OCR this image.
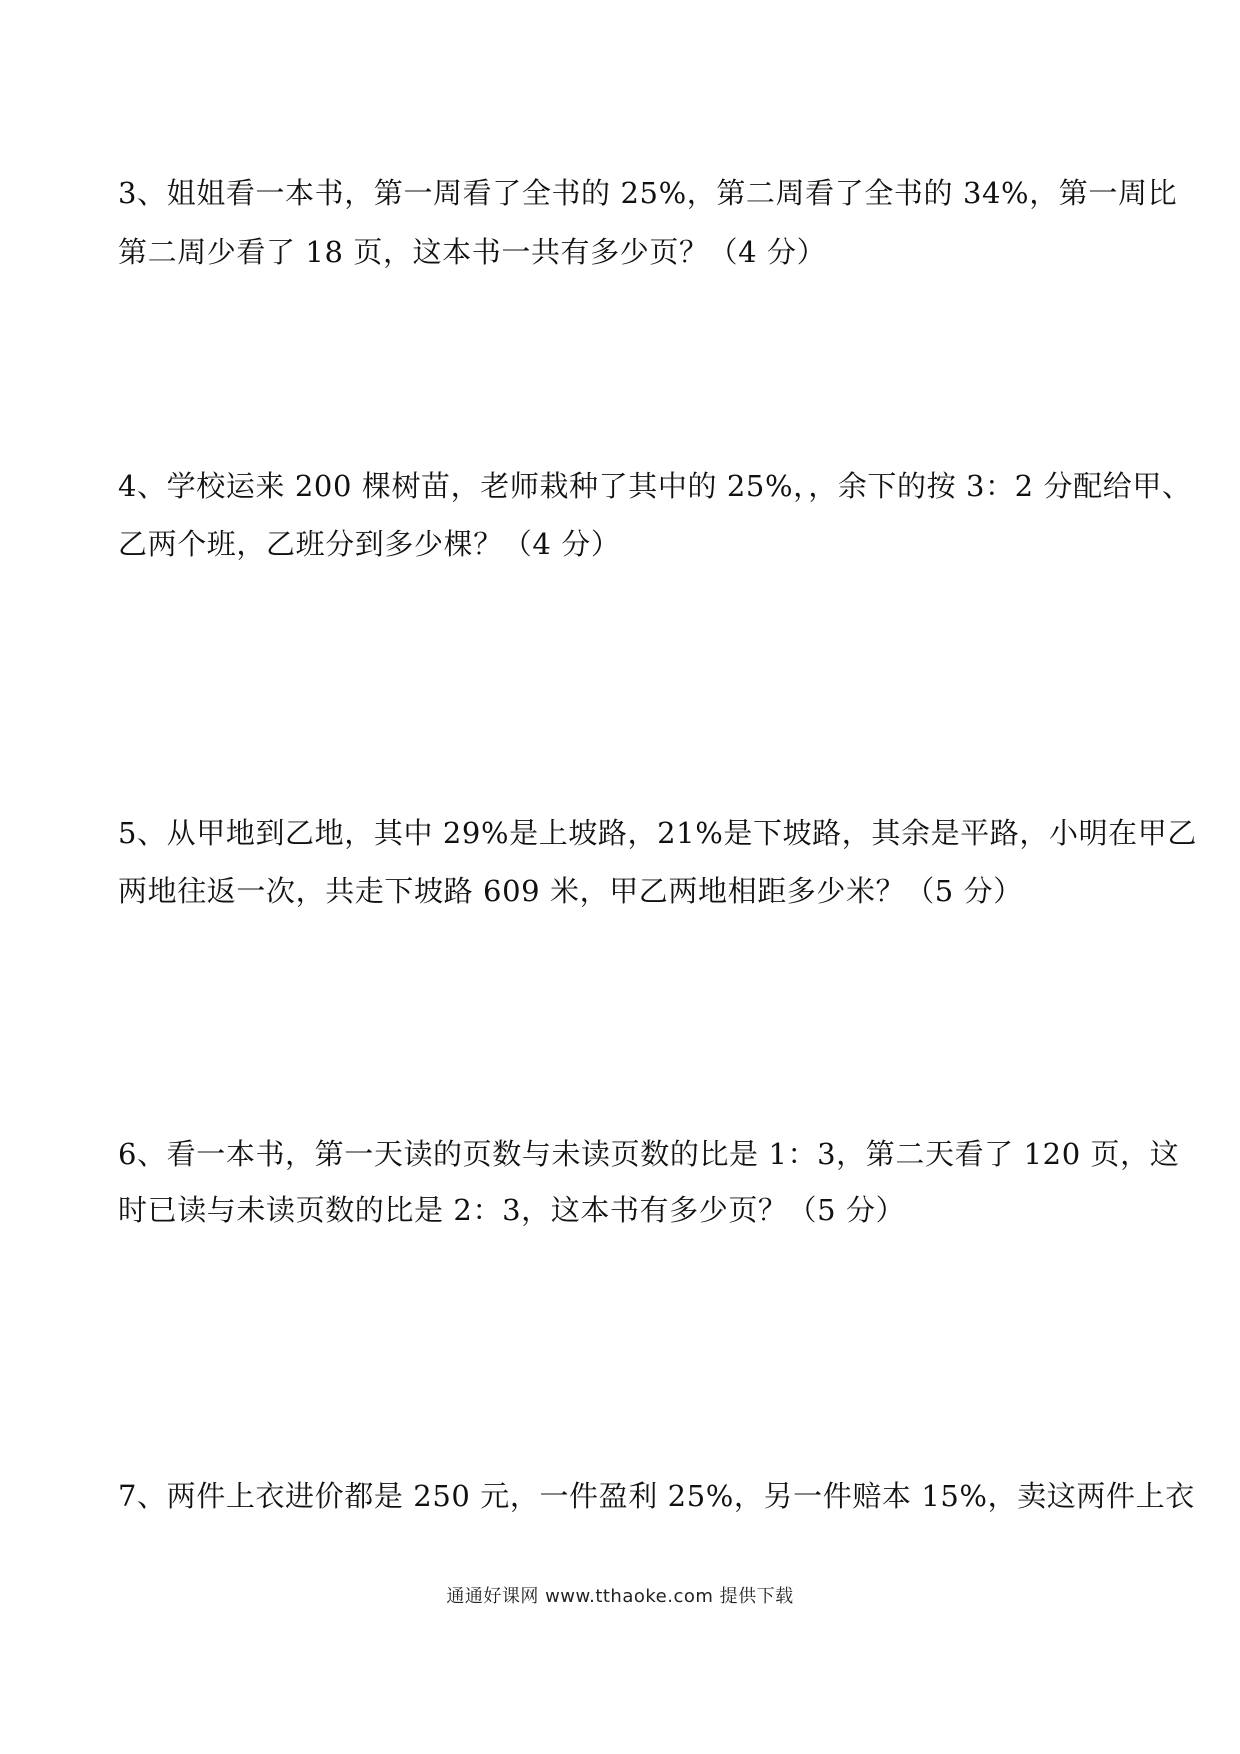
3、姐姐看一本书，第一周看了全书的 25%，第二周看了全书的 34%，第一周比
第二周少看了 18 页，这本书一共有多少页？（4 分）
4、学校运来 200 棵树苗，老师栽种了其中的 25%，，余下的按 3：2 分配给甲、
乙两个班，乙班分到多少棵？（4 分）
5、从甲地到乙地，其中 29%是上坡路，21%是下坡路，其余是平路，小明在甲乙
两地往返一次，共走下坡路 609 米，甲乙两地相距多少米？（5 分）
6、看一本书，第一天读的页数与未读页数的比是 1：3，第二天看了 120 页，这
时已读与未读页数的比是 2：3，这本书有多少页？（5 分）
7、两件上衣进价都是 250 元，一件盈利 25%，另一件赔本 15%，卖这两件上衣
通通好课网 www.tthaoke.com 提供下载
